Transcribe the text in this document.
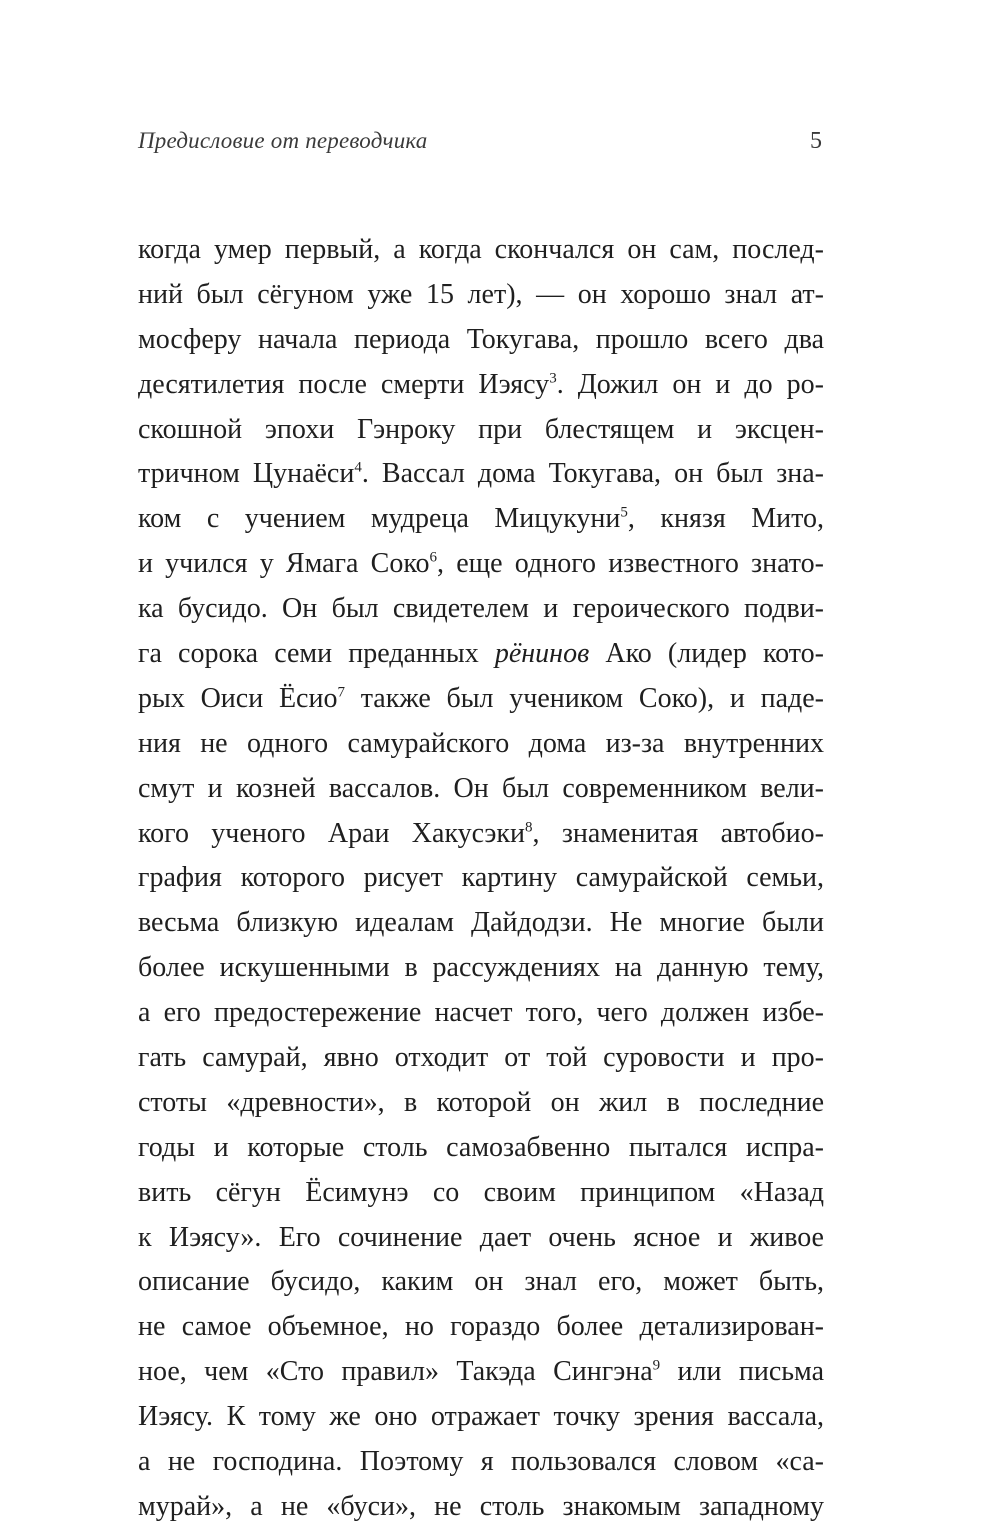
Предисловие от переводчика	5
когда умер первый, а когда скончался он сам, послед-
ний был сёгуном уже 15 лет), — он хорошо знал ат-
мосферу начала периода Токугава, прошло всего два
десятилетия после смерти Иэясу$^3$. Дожил он и до ро-
скошной эпохи Гэнроку при блестящем и эксцен-
тричном Цунаёси$^4$. Вассал дома Токугава, он был зна-
ком с учением мудреца Мицукуни$^5$, князя Мито,
и учился у Ямага Соко$^6$, еще одного известного знато-
ка бусидо. Он был свидетелем и героического подви-
га сорока семи преданных рёнинов Ако (лидер кото-
рых Оиси Ёсио$^7$ также был учеником Соко), и паде-
ния не одного самурайского дома из-за внутренних
смут и козней вассалов. Он был современником вели-
кого ученого Араи Хакусэки$^8$, знаменитая автобио-
графия которого рисует картину самурайской семьи,
весьма близкую идеалам Дайдодзи. Не многие были
более искушенными в рассуждениях на данную тему,
а его предостережение насчет того, чего должен избе-
гать самурай, явно отходит от той суровости и про-
стоты «древности», в которой он жил в последние
годы и которые столь самозабвенно пытался испра-
вить сёгун Ёсимунэ со своим принципом «Назад
к Иэясу». Его сочинение дает очень ясное и живое
описание бусидо, каким он знал его, может быть,
не самое объемное, но гораздо более детализирован-
ное, чем «Сто правил» Такэда Сингэна$^9$ или письма
Иэясу. К тому же оно отражает точку зрения вассала,
а не господина. Поэтому я пользовался словом «са-
мурай», а не «буси», не столь знакомым западному
